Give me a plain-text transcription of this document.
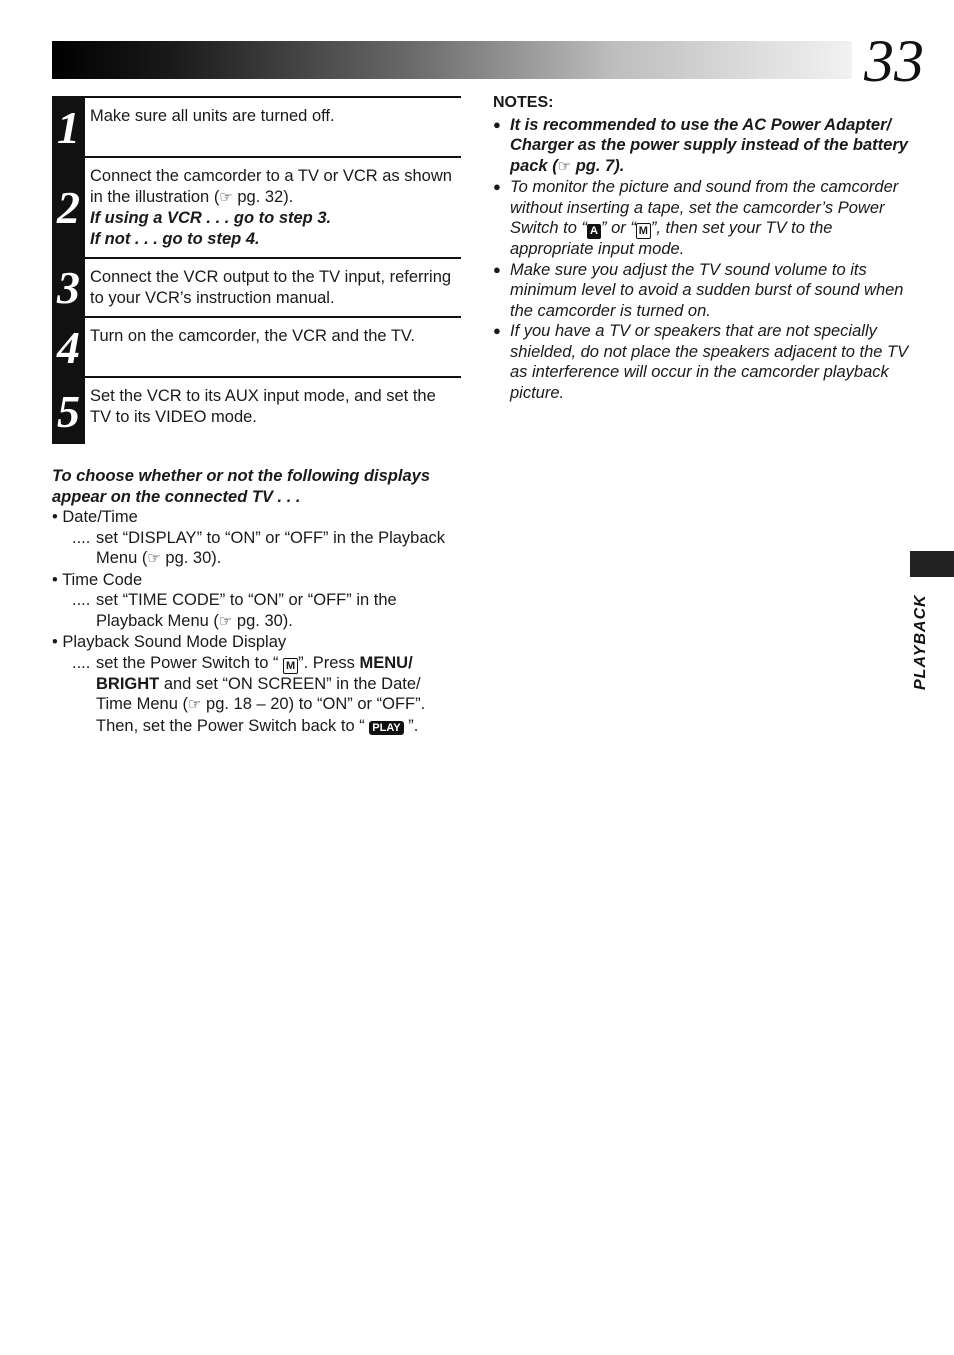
33
1 Make sure all units are turned off.
2
Connect the camcorder to a TV or VCR as shown in the illustration (☞ pg. 32).
If using a VCR . . . go to step 3.
If not . . . go to step 4.
3 Connect the VCR output to the TV input, referring to your VCR’s instruction manual.
4 Turn on the camcorder, the VCR and the TV.
5 Set the VCR to its AUX input mode, and set the TV to its VIDEO mode.
To choose whether or not the following displays appear on the connected TV . . .
• Date/Time
.... set “DISPLAY” to “ON” or “OFF” in the Playback Menu (☞ pg. 30).
• Time Code
.... set “TIME CODE” to “ON” or “OFF” in the Playback Menu (☞ pg. 30).
• Playback Sound Mode Display
.... set the Power Switch to “ M ”. Press MENU/ BRIGHT and set “ON SCREEN” in the Date/ Time Menu (☞ pg. 18 – 20) to “ON” or “OFF”. Then, set the Power Switch back to “ PLAY ”.
NOTES:
● It is recommended to use the AC Power Adapter/ Charger as the power supply instead of the battery pack (☞ pg. 7).
● To monitor the picture and sound from the camcorder without inserting a tape, set the camcorder’s Power Switch to “ A ” or “ M ”, then set your TV to the appropriate input mode.
● Make sure you adjust the TV sound volume to its minimum level to avoid a sudden burst of sound when the camcorder is turned on.
● If you have a TV or speakers that are not specially shielded, do not place the speakers adjacent to the TV as interference will occur in the camcorder playback picture.
PLAYBACK
